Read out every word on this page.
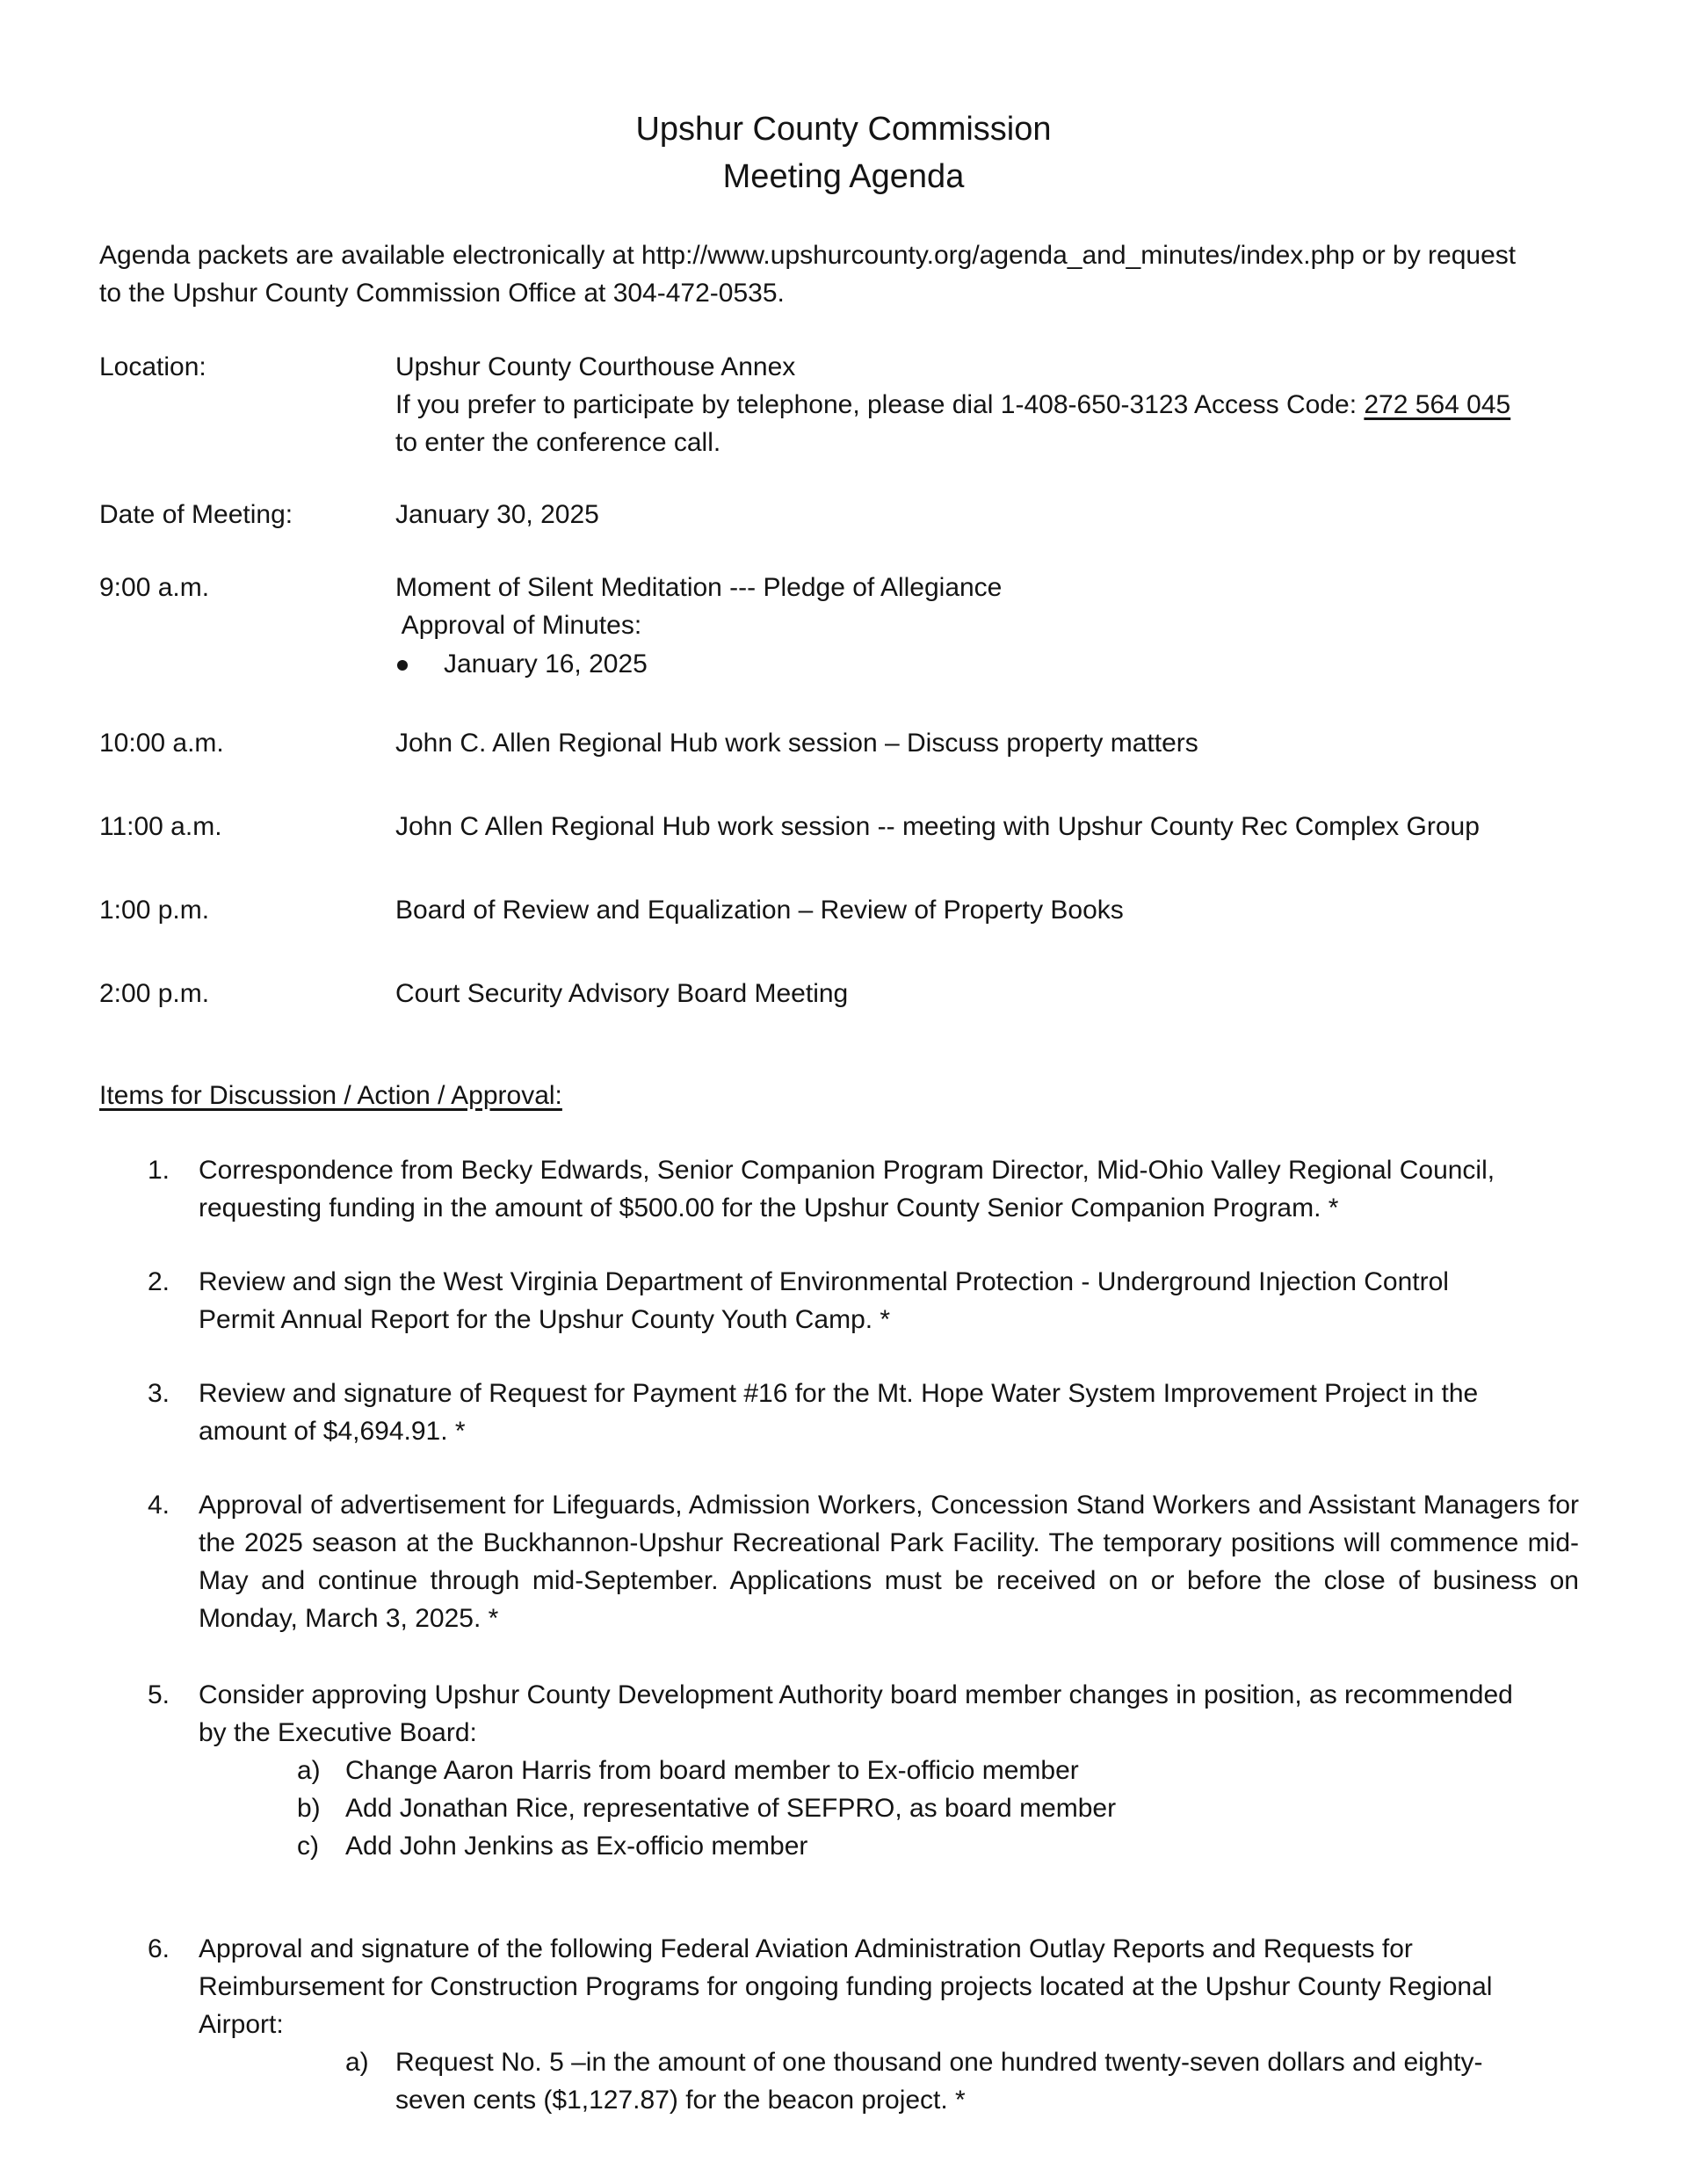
Upshur County Commission
Meeting Agenda
Agenda packets are available electronically at http://www.upshurcounty.org/agenda_and_minutes/index.php or by request
to the Upshur County Commission Office at 304-472-0535.
Location:	Upshur County Courthouse Annex
If you prefer to participate by telephone, please dial 1-408-650-3123 Access Code: 272 564 045
to enter the conference call.
Date of Meeting:	January 30, 2025
9:00 a.m.	Moment of Silent Meditation --- Pledge of Allegiance
Approval of Minutes:
January 16, 2025
10:00 a.m.	John C. Allen Regional Hub work session – Discuss property matters
11:00 a.m.	John C Allen Regional Hub work session -- meeting with Upshur County Rec Complex Group
1:00 p.m.	Board of Review and Equalization – Review of Property Books
2:00 p.m.	Court Security Advisory Board Meeting
Items for Discussion / Action / Approval:
1. Correspondence from Becky Edwards, Senior Companion Program Director, Mid-Ohio Valley Regional Council,
requesting funding in the amount of $500.00 for the Upshur County Senior Companion Program. *
2. Review and sign the West Virginia Department of Environmental Protection - Underground Injection Control
Permit Annual Report for the Upshur County Youth Camp. *
3. Review and signature of Request for Payment #16 for the Mt. Hope Water System Improvement Project in the
amount of $4,694.91. *
4. Approval of advertisement for Lifeguards, Admission Workers, Concession Stand Workers and Assistant Managers for the 2025 season at the Buckhannon-Upshur Recreational Park Facility. The temporary positions will commence mid-May and continue through mid-September. Applications must be received on or before the close of business on Monday, March 3, 2025. *
5. Consider approving Upshur County Development Authority board member changes in position, as recommended
by the Executive Board:
a) Change Aaron Harris from board member to Ex-officio member
b) Add Jonathan Rice, representative of SEFPRO, as board member
c) Add John Jenkins as Ex-officio member
6. Approval and signature of the following Federal Aviation Administration Outlay Reports and Requests for
Reimbursement for Construction Programs for ongoing funding projects located at the Upshur County Regional
Airport:
a) Request No. 5 –in the amount of one thousand one hundred twenty-seven dollars and eighty-
seven cents ($1,127.87) for the beacon project. *
